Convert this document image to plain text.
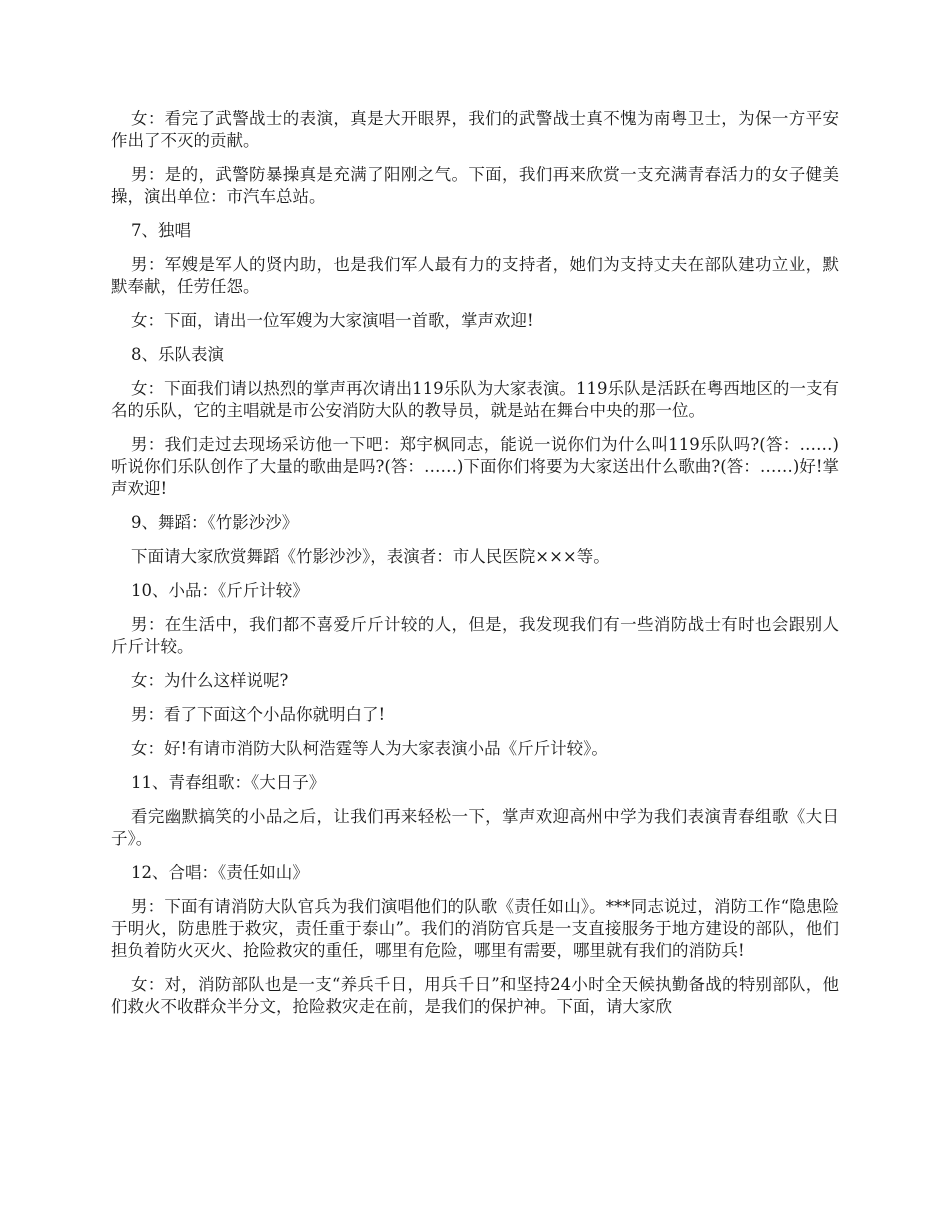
女：看完了武警战士的表演，真是大开眼界，我们的武警战士真不愧为南粤卫士，为保一方平安作出了不灭的贡献。

男：是的，武警防暴操真是充满了阳刚之气。下面，我们再来欣赏一支充满青春活力的女子健美操，演出单位：市汽车总站。

7、独唱

男：军嫂是军人的贤内助，也是我们军人最有力的支持者，她们为支持丈夫在部队建功立业，默默奉献，任劳任怨。

女：下面，请出一位军嫂为大家演唱一首歌，掌声欢迎!

8、乐队表演

女：下面我们请以热烈的掌声再次请出119乐队为大家表演。119乐队是活跃在粤西地区的一支有名的乐队，它的主唱就是市公安消防大队的教导员，就是站在舞台中央的那一位。

男：我们走过去现场采访他一下吧：郑宇枫同志，能说一说你们为什么叫119乐队吗?(答：……)听说你们乐队创作了大量的歌曲是吗?(答：……)下面你们将要为大家送出什么歌曲?(答：……)好!掌声欢迎!

9、舞蹈：《竹影沙沙》

下面请大家欣赏舞蹈《竹影沙沙》，表演者：市人民医院×××等。

10、小品：《斤斤计较》

男：在生活中，我们都不喜爱斤斤计较的人，但是，我发现我们有一些消防战士有时也会跟别人斤斤计较。

女：为什么这样说呢?

男：看了下面这个小品你就明白了!

女：好!有请市消防大队柯浩霆等人为大家表演小品《斤斤计较》。

11、青春组歌：《大日子》

看完幽默搞笑的小品之后，让我们再来轻松一下，掌声欢迎高州中学为我们表演青春组歌《大日子》。

12、合唱：《责任如山》

男：下面有请消防大队官兵为我们演唱他们的队歌《责任如山》。***同志说过，消防工作“隐患险于明火，防患胜于救灾，责任重于泰山”。我们的消防官兵是一支直接服务于地方建设的部队，他们担负着防火灭火、抢险救灾的重任，哪里有危险，哪里有需要，哪里就有我们的消防兵!

女：对，消防部队也是一支“养兵千日，用兵千日”和坚持24小时全天候执勤备战的特别部队，他们救火不收群众半分文，抢险救灾走在前，是我们的保护神。下面，请大家欣
